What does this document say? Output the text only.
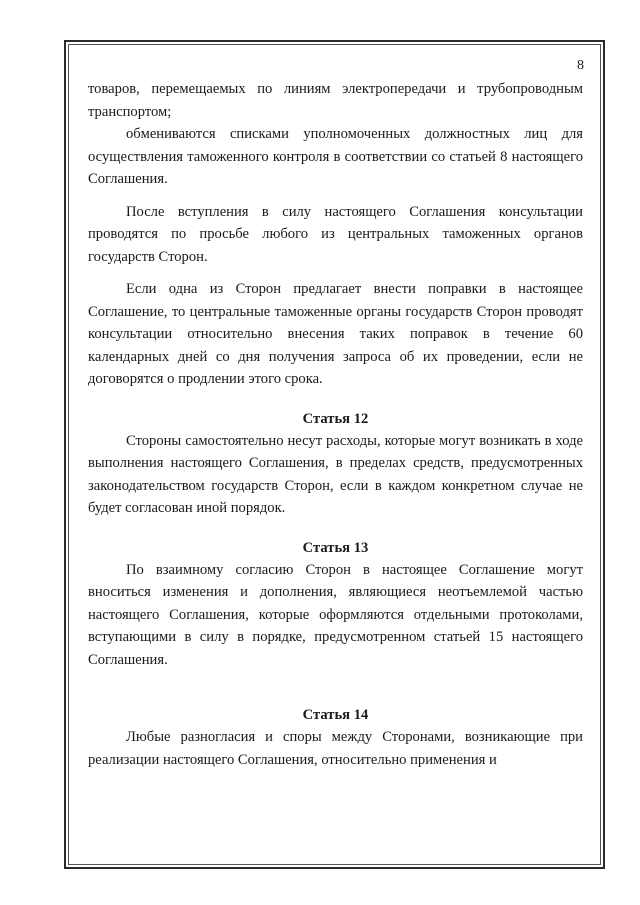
8

товаров, перемещаемых по линиям электропередачи и трубопроводным транспортом;

обмениваются списками уполномоченных должностных лиц для осуществления таможенного контроля в соответствии со статьей 8 настоящего Соглашения.

После вступления в силу настоящего Соглашения консультации проводятся по просьбе любого из центральных таможенных органов государств Сторон.

Если одна из Сторон предлагает внести поправки в настоящее Соглашение, то центральные таможенные органы государств Сторон проводят консультации относительно внесения таких поправок в течение 60 календарных дней со дня получения запроса об их проведении, если не договорятся о продлении этого срока.

Статья 12

Стороны самостоятельно несут расходы, которые могут возникать в ходе выполнения настоящего Соглашения, в пределах средств, предусмотренных законодательством государств Сторон, если в каждом конкретном случае не будет согласован иной порядок.

Статья 13

По взаимному согласию Сторон в настоящее Соглашение могут вноситься изменения и дополнения, являющиеся неотъемлемой частью настоящего Соглашения, которые оформляются отдельными протоколами, вступающими в силу в порядке, предусмотренном статьей 15 настоящего Соглашения.

Статья 14

Любые разногласия и споры между Сторонами, возникающие при реализации настоящего Соглашения, относительно применения и
